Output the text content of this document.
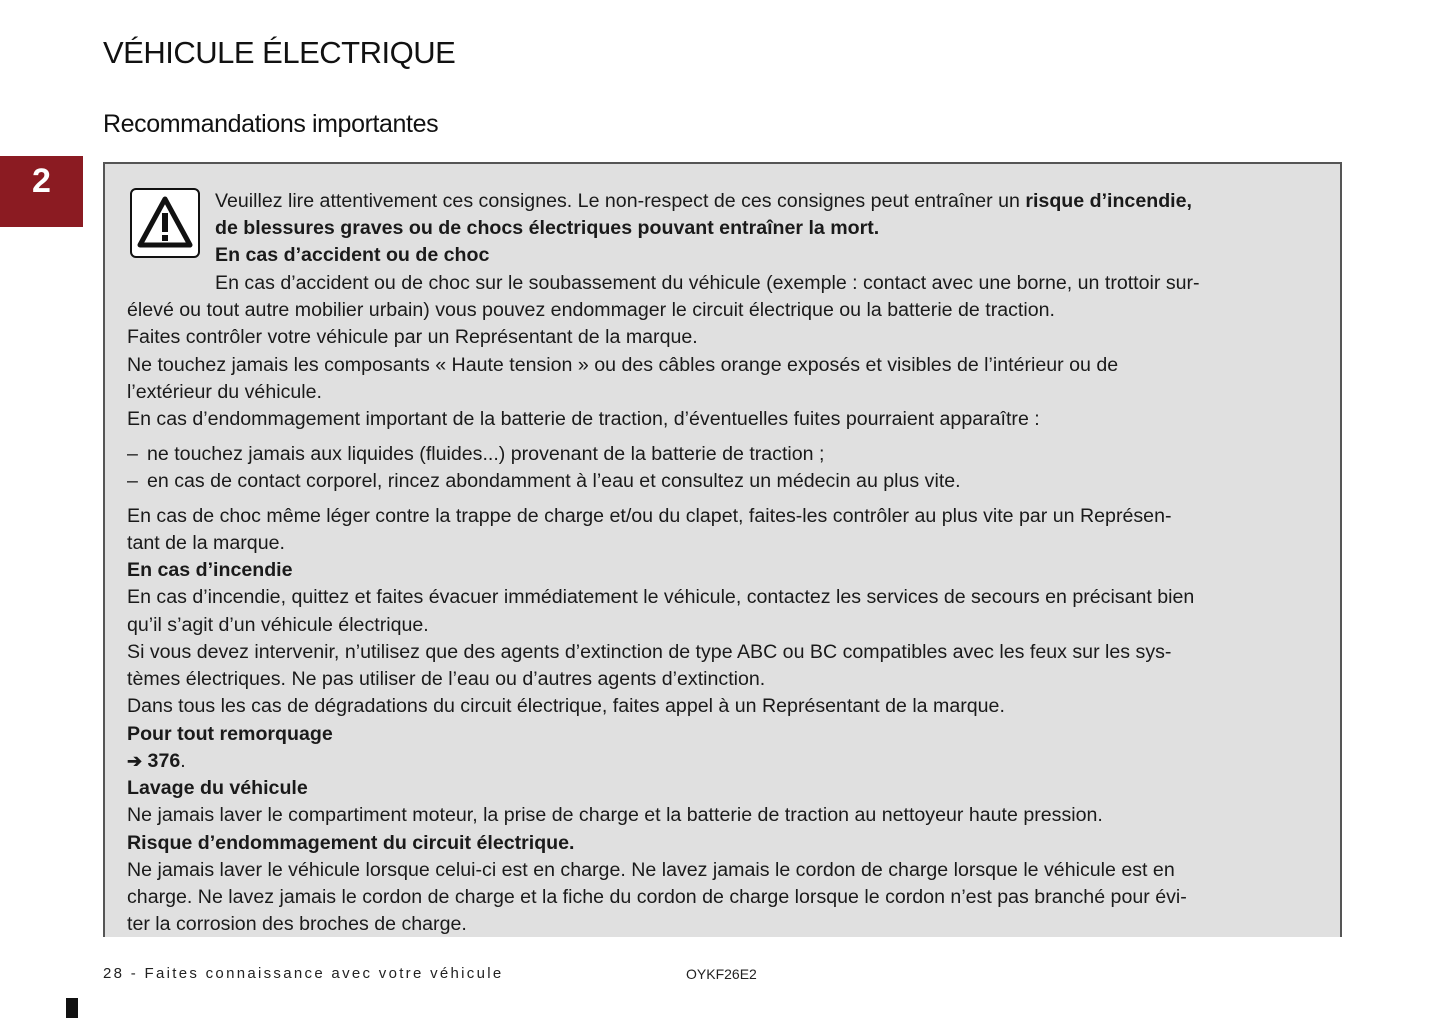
VÉHICULE ÉLECTRIQUE
Recommandations importantes
2
Veuillez lire attentivement ces consignes. Le non-respect de ces consignes peut entraîner un risque d’incendie,
de blessures graves ou de chocs électriques pouvant entraîner la mort.
En cas d’accident ou de choc
En cas d’accident ou de choc sur le soubassement du véhicule (exemple : contact avec une borne, un trottoir sur-
élevé ou tout autre mobilier urbain) vous pouvez endommager le circuit électrique ou la batterie de traction.
Faites contrôler votre véhicule par un Représentant de la marque.
Ne touchez jamais les composants « Haute tension » ou des câbles orange exposés et visibles de l’intérieur ou de
l’extérieur du véhicule.
En cas d’endommagement important de la batterie de traction, d’éventuelles fuites pourraient apparaître :
– ne touchez jamais aux liquides (fluides...) provenant de la batterie de traction ;
– en cas de contact corporel, rincez abondamment à l’eau et consultez un médecin au plus vite.
En cas de choc même léger contre la trappe de charge et/ou du clapet, faites-les contrôler au plus vite par un Représen-
tant de la marque.
En cas d’incendie
En cas d’incendie, quittez et faites évacuer immédiatement le véhicule, contactez les services de secours en précisant bien
qu’il s’agit d’un véhicule électrique.
Si vous devez intervenir, n’utilisez que des agents d’extinction de type ABC ou BC compatibles avec les feux sur les sys-
tèmes électriques. Ne pas utiliser de l’eau ou d’autres agents d’extinction.
Dans tous les cas de dégradations du circuit électrique, faites appel à un Représentant de la marque.
Pour tout remorquage
➔ 376.
Lavage du véhicule
Ne jamais laver le compartiment moteur, la prise de charge et la batterie de traction au nettoyeur haute pression.
Risque d’endommagement du circuit électrique.
Ne jamais laver le véhicule lorsque celui-ci est en charge. Ne lavez jamais le cordon de charge lorsque le véhicule est en
charge. Ne lavez jamais le cordon de charge et la fiche du cordon de charge lorsque le cordon n’est pas branché pour évi-
ter la corrosion des broches de charge.
28 - Faites connaissance avec votre véhicule	OYKF26E2
